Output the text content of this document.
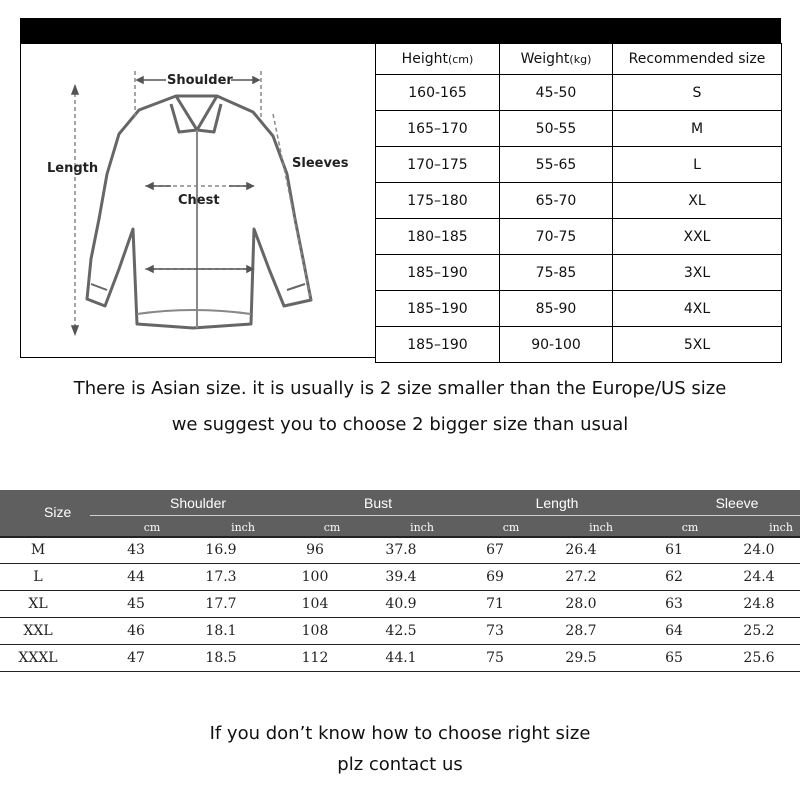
Shoulder
Length	Sleeves
Chest
Height(cm)	Weight(kg)	Recommended size
160-165	45-50	S
165–170	50-55	M
170–175	55-65	L
175–180	65-70	XL
180–185	70-75	XXL
185–190	75-85	3XL
185–190	85-90	4XL
185–190	90-100	5XL
There is Asian size. it is usually is 2 size smaller than the Europe/US size
we suggest you to choose 2 bigger size than usual
Size
Shoulder	Bust	Length	Sleeve
cm	inch	cm	inch	cm	inch	cm	inch
M	43	16.9	96	37.8	67	26.4	61	24.0
L	44	17.3	100	39.4	69	27.2	62	24.4
XL	45	17.7	104	40.9	71	28.0	63	24.8
XXL	46	18.1	108	42.5	73	28.7	64	25.2
XXXL	47	18.5	112	44.1	75	29.5	65	25.6
If you don’t know how to choose right size
plz contact us
